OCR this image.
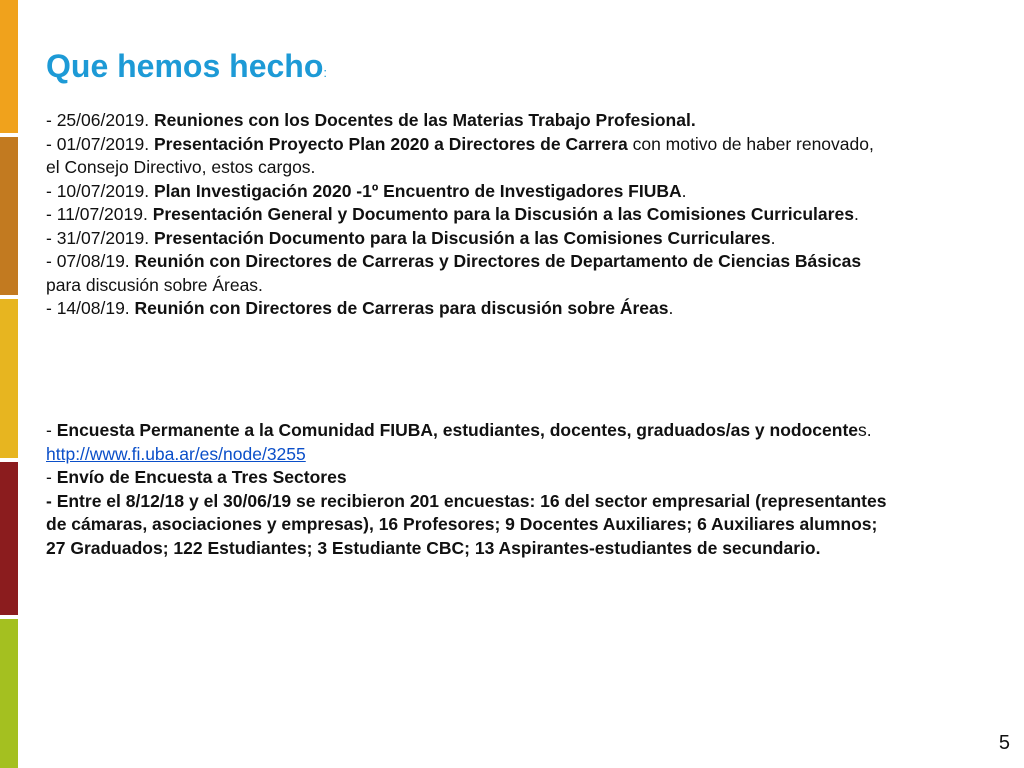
Que hemos hecho:
- 25/06/2019. Reuniones con los Docentes de las Materias Trabajo Profesional.
- 01/07/2019. Presentación Proyecto Plan 2020 a Directores de Carrera con motivo de haber renovado,
el Consejo Directivo, estos cargos.
- 10/07/2019. Plan Investigación 2020 -1º Encuentro de Investigadores FIUBA.
- 11/07/2019. Presentación General y Documento para la Discusión a las Comisiones Curriculares.
- 31/07/2019. Presentación Documento para la Discusión a las Comisiones Curriculares.
- 07/08/19. Reunión con Directores de Carreras y Directores de Departamento de Ciencias Básicas
para discusión sobre Áreas.
- 14/08/19. Reunión con Directores de Carreras para discusión sobre Áreas.
- Encuesta Permanente a la Comunidad FIUBA, estudiantes, docentes, graduados/as y nodocentes.
http://www.fi.uba.ar/es/node/3255
- Envío de Encuesta a Tres Sectores
- Entre el 8/12/18 y el 30/06/19 se recibieron 201 encuestas: 16 del sector empresarial (representantes
de cámaras, asociaciones y empresas), 16 Profesores; 9 Docentes Auxiliares; 6 Auxiliares alumnos;
27 Graduados; 122 Estudiantes; 3 Estudiante CBC; 13 Aspirantes-estudiantes de secundario.
5
